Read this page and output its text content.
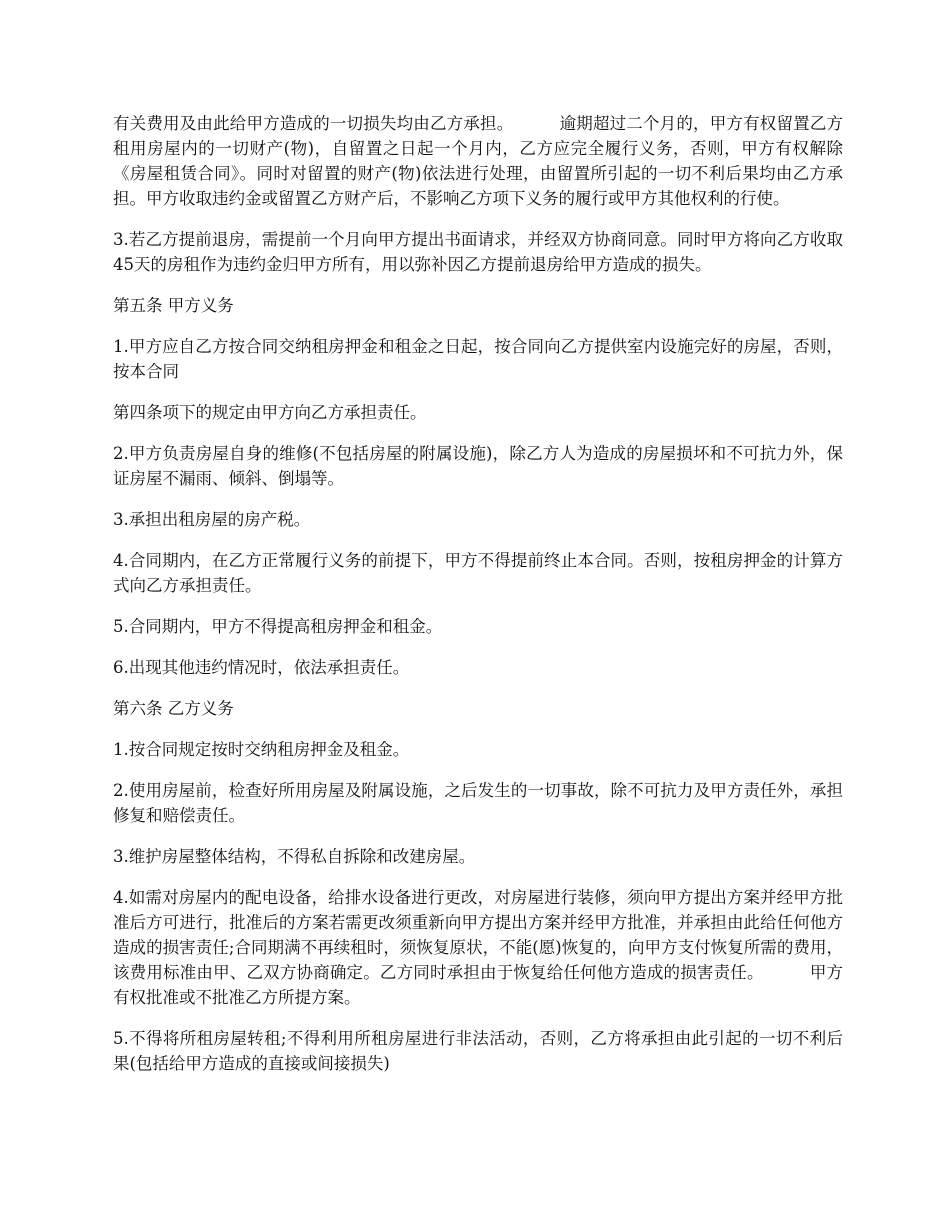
有关费用及由此给甲方造成的一切损失均由乙方承担。	逾期超过二个月的，甲方有权留置乙方租用房屋内的一切财产(物)，自留置之日起一个月内，乙方应完全履行义务，否则，甲方有权解除《房屋租赁合同》。同时对留置的财产(物)依法进行处理，由留置所引起的一切不利后果均由乙方承担。甲方收取违约金或留置乙方财产后，不影响乙方项下义务的履行或甲方其他权利的行使。

3.若乙方提前退房，需提前一个月向甲方提出书面请求，并经双方协商同意。同时甲方将向乙方收取45天的房租作为违约金归甲方所有，用以弥补因乙方提前退房给甲方造成的损失。

第五条 甲方义务

1.甲方应自乙方按合同交纳租房押金和租金之日起，按合同向乙方提供室内设施完好的房屋，否则，按本合同

第四条项下的规定由甲方向乙方承担责任。

2.甲方负责房屋自身的维修(不包括房屋的附属设施)，除乙方人为造成的房屋损坏和不可抗力外，保证房屋不漏雨、倾斜、倒塌等。

3.承担出租房屋的房产税。

4.合同期内，在乙方正常履行义务的前提下，甲方不得提前终止本合同。否则，按租房押金的计算方式向乙方承担责任。

5.合同期内，甲方不得提高租房押金和租金。

6.出现其他违约情况时，依法承担责任。

第六条 乙方义务

1.按合同规定按时交纳租房押金及租金。

2.使用房屋前，检查好所用房屋及附属设施，之后发生的一切事故，除不可抗力及甲方责任外，承担修复和赔偿责任。

3.维护房屋整体结构，不得私自拆除和改建房屋。

4.如需对房屋内的配电设备，给排水设备进行更改，对房屋进行装修，须向甲方提出方案并经甲方批准后方可进行，批准后的方案若需更改须重新向甲方提出方案并经甲方批准，并承担由此给任何他方造成的损害责任;合同期满不再续租时，须恢复原状，不能(愿)恢复的，向甲方支付恢复所需的费用，该费用标准由甲、乙双方协商确定。乙方同时承担由于恢复给任何他方造成的损害责任。	甲方有权批准或不批准乙方所提方案。

5.不得将所租房屋转租;不得利用所租房屋进行非法活动，否则，乙方将承担由此引起的一切不利后果(包括给甲方造成的直接或间接损失)
